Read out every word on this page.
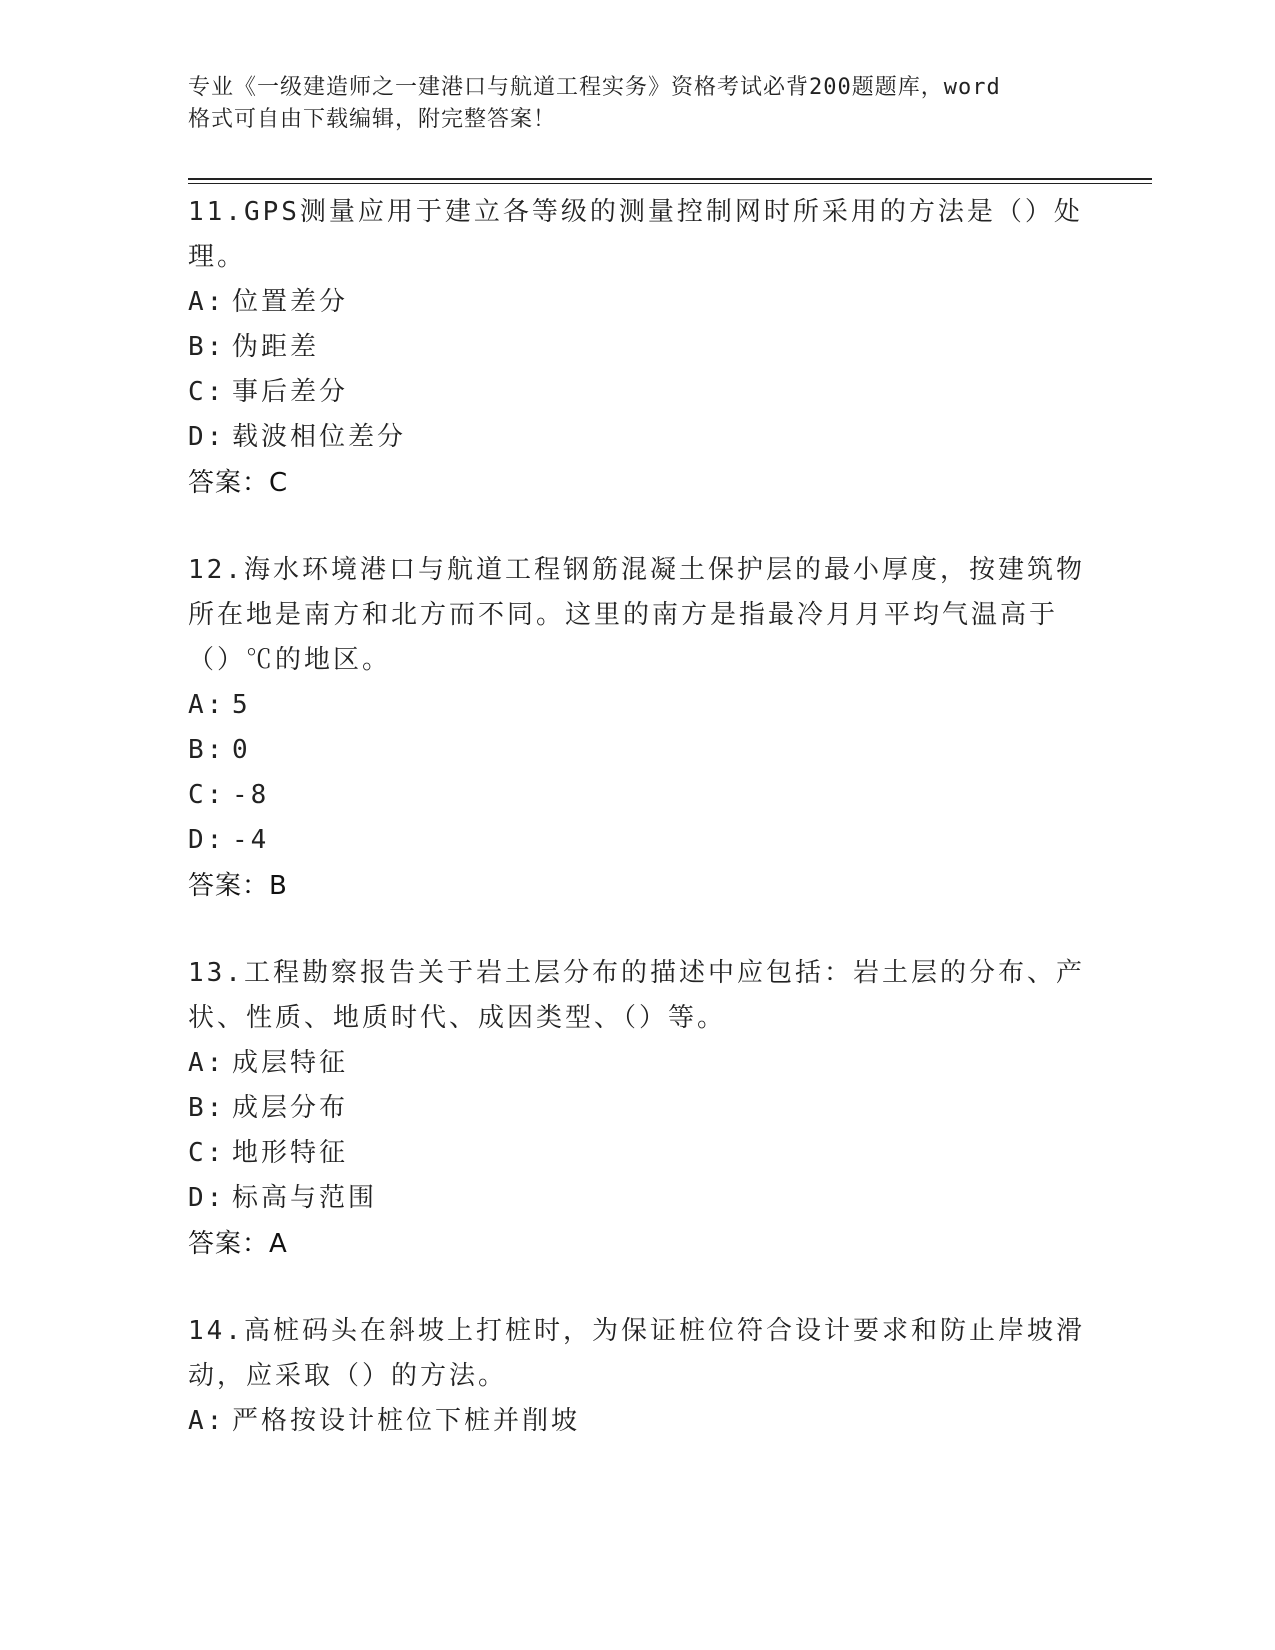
专业《一级建造师之一建港口与航道工程实务》资格考试必背200题题库，word
格式可自由下载编辑，附完整答案！
11.GPS测量应用于建立各等级的测量控制网时所采用的方法是（）处理。
A: 位置差分
B: 伪距差
C: 事后差分
D: 载波相位差分
答案：C
12.海水环境港口与航道工程钢筋混凝土保护层的最小厚度，按建筑物所在地是南方和北方而不同。这里的南方是指最冷月月平均气温高于（）℃的地区。
A: 5
B: 0
C: -8
D: -4
答案：B
13.工程勘察报告关于岩土层分布的描述中应包括：岩土层的分布、产状、性质、地质时代、成因类型、（）等。
A: 成层特征
B: 成层分布
C: 地形特征
D: 标高与范围
答案：A
14.高桩码头在斜坡上打桩时，为保证桩位符合设计要求和防止岸坡滑动，应采取（）的方法。
A: 严格按设计桩位下桩并削坡
